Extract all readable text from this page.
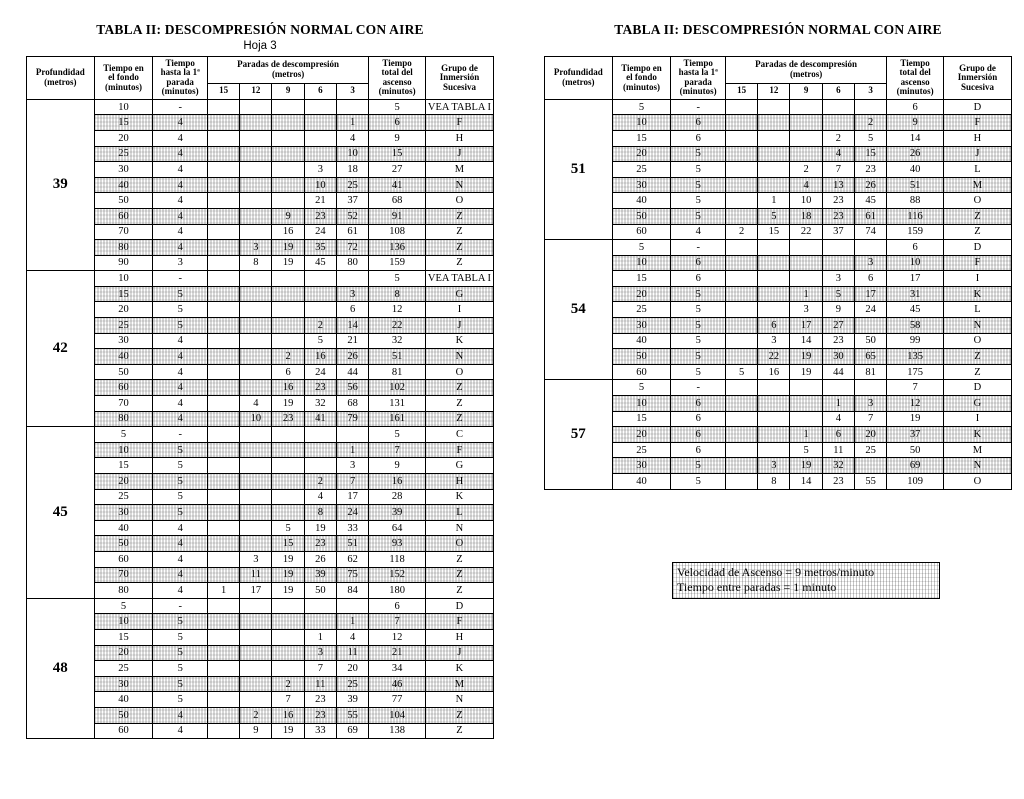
TABLA II: DESCOMPRESIÓN NORMAL CON AIRE
Hoja 3
Profundidad
(metros)

Tiempo en
el fondo
(minutos)

Tiempo
hasta la 1ª
parada
(minutos)

Paradas de descompresión
(metros)

Tiempo
total del
ascenso
(minutos)

Grupo de
Inmersión
Sucesiva

			15	12	9	6	3		
39	10	-						5	VEA TABLA I
	15	4					1	6	F
	20	4					4	9	H
	25	4					10	15	J
	30	4				3	18	27	M
	40	4				10	25	41	N
	50	4				21	37	68	O
	60	4			9	23	52	91	Z
	70	4			16	24	61	108	Z
	80	4		3	19	35	72	136	Z
	90	3		8	19	45	80	159	Z
42	10	-						5	VEA TABLA I
	15	5					3	8	G
	20	5					6	12	I
	25	5				2	14	22	J
	30	4				5	21	32	K
	40	4			2	16	26	51	N
	50	4			6	24	44	81	O
	60	4			16	23	56	102	Z
	70	4		4	19	32	68	131	Z
	80	4		10	23	41	79	161	Z
45	5	-						5	C
	10	5					1	7	F
	15	5					3	9	G
	20	5				2	7	16	H
	25	5				4	17	28	K
	30	5				8	24	39	L
	40	4			5	19	33	64	N
	50	4			15	23	51	93	O
	60	4		3	19	26	62	118	Z
	70	4		11	19	39	75	152	Z
	80	4	1	17	19	50	84	180	Z
48	5	-						6	D
	10	5					1	7	F
	15	5				1	4	12	H
	20	5				3	11	21	J
	25	5				7	20	34	K
	30	5			2	11	25	46	M
	40	5			7	23	39	77	N
	50	4		2	16	23	55	104	Z
	60	4		9	19	33	69	138	Z
TABLA II: DESCOMPRESIÓN NORMAL CON AIRE
Profundidad
(metros)

Tiempo en
el fondo
(minutos)

Tiempo
hasta la 1ª
parada
(minutos)

Paradas de descompresión
(metros)

Tiempo
total del
ascenso
(minutos)

Grupo de
Inmersión
Sucesiva

			15	12	9	6	3		
51	5	-						6	D
	10	6					2	9	F
	15	6				2	5	14	H
	20	5				4	15	26	J
	25	5			2	7	23	40	L
	30	5			4	13	26	51	M
	40	5		1	10	23	45	88	O
	50	5		5	18	23	61	116	Z
	60	4	2	15	22	37	74	159	Z
54	5	-						6	D
	10	6					3	10	F
	15	6				3	6	17	I
	20	5			1	5	17	31	K
	25	5			3	9	24	45	L
	30	5		6	17	27		58	N
	40	5		3	14	23	50	99	O
	50	5		22	19	30	65	135	Z
	60	5	5	16	19	44	81	175	Z
57	5	-						7	D
	10	6				1	3	12	G
	15	6				4	7	19	I
	20	6			1	6	20	37	K
	25	6			5	11	25	50	M
	30	5		3	19	32		69	N
	40	5		8	14	23	55	109	O
Velocidad de Ascenso = 9 metros/minuto
Tiempo entre paradas = 1 minuto
